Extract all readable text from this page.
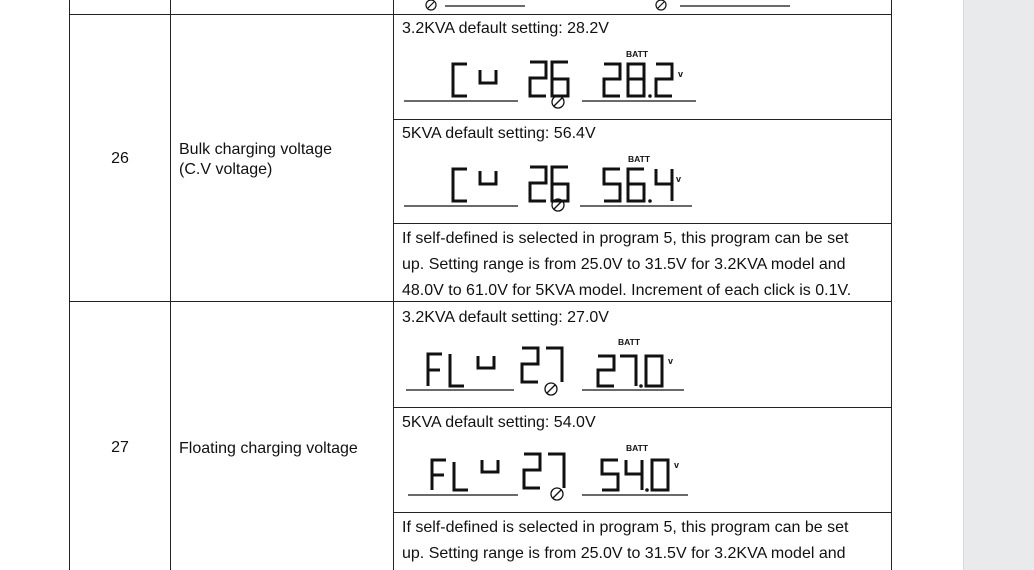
26
Bulk charging voltage
(C.V voltage)
3.2KVA default setting: 28.2V
BATT
v
5KVA default setting: 56.4V
BATT
v
If self-defined is selected in program 5, this program can be set
up. Setting range is from 25.0V to 31.5V for 3.2KVA model and
48.0V to 61.0V for 5KVA model. Increment of each click is 0.1V.
27	Floating charging voltage
3.2KVA default setting: 27.0V
BATT
v
5KVA default setting: 54.0V
BATT
v
If self-defined is selected in program 5, this program can be set
up. Setting range is from 25.0V to 31.5V for 3.2KVA model and
